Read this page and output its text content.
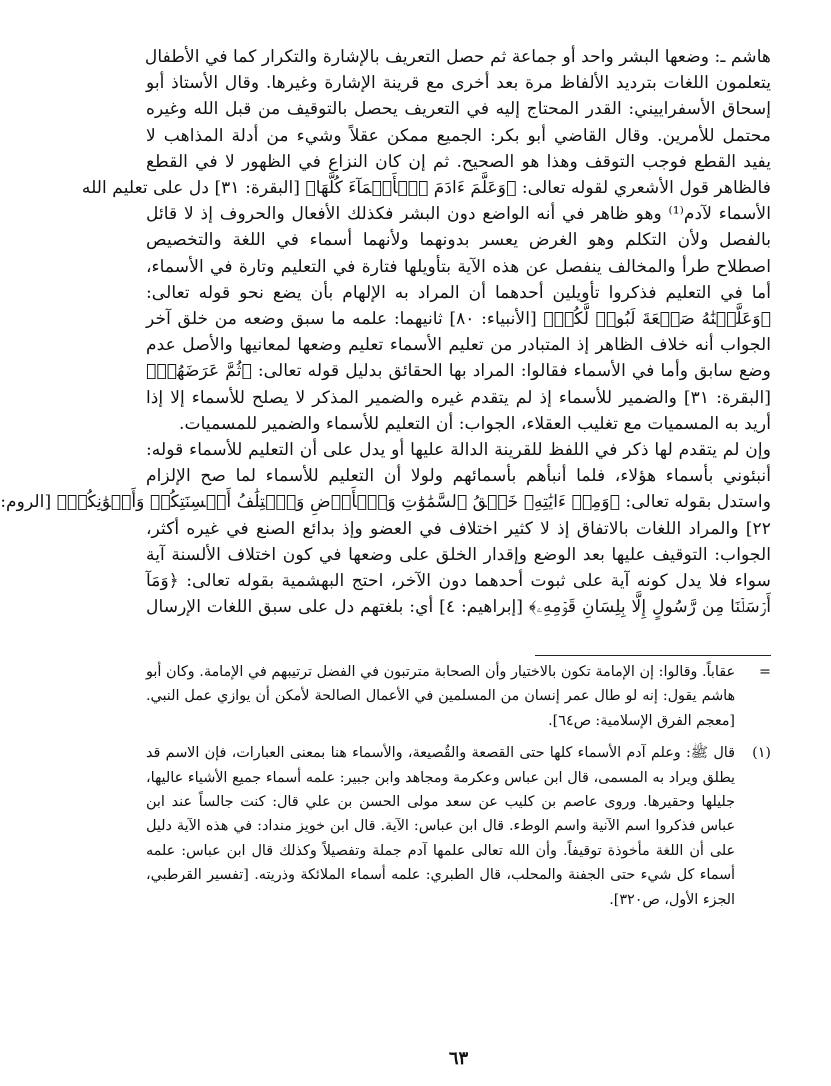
هاشم ـ: وضعها البشر واحد أو جماعة ثم حصل التعريف بالإشارة والتكرار كما في الأطفال

يتعلمون اللغات بترديد الألفاظ مرة بعد أخرى مع قرينة الإشارة وغيرها. وقال الأستاذ أبو

إسحاق الأسفراييني: القدر المحتاج إليه في التعريف يحصل بالتوقيف من قبل الله وغيره

محتمل للأمرين. وقال القاضي أبو بكر: الجميع ممكن عقلاً وشيء من أدلة المذاهب لا

يفيد القطع فوجب التوقف وهذا هو الصحيح. ثم إن كان النزاع في الظهور لا في القطع

فالظاهر قول الأشعري لقوله تعالى: ﴿وَعَلَّمَ ءَادَمَ ٱلۡأَسۡمَآءَ كُلَّهَا﴾ [البقرة: ٣١] دل على تعليم الله

الأسماء لآدم⁽¹⁾ وهو ظاهر في أنه الواضع دون البشر فكذلك الأفعال والحروف إذ لا قائل

بالفصل ولأن التكلم وهو الغرض يعسر بدونهما ولأنهما أسماء في اللغة والتخصيص

اصطلاح طرأ والمخالف ينفصل عن هذه الآية بتأويلها فتارة في التعليم وتارة في الأسماء،

أما في التعليم فذكروا تأويلين أحدهما أن المراد به الإلهام بأن يضع نحو قوله تعالى:

﴿وَعَلَّمۡنَٰهُ صَنۡعَةَ لَبُوسٖ لَّكُمۡ﴾ [الأنبياء: ٨٠] ثانيهما: علمه ما سبق وضعه من خلق آخر

الجواب أنه خلاف الظاهر إذ المتبادر من تعليم الأسماء تعليم وضعها لمعانيها والأصل عدم

وضع سابق وأما في الأسماء فقالوا: المراد بها الحقائق بدليل قوله تعالى: ﴿ثُمَّ عَرَضَهُمۡ﴾

[البقرة: ٣١] والضمير للأسماء إذ لم يتقدم غيره والضمير المذكر لا يصلح للأسماء إلا إذا

أريد به المسميات مع تغليب العقلاء، الجواب: أن التعليم للأسماء والضمير للمسميات.

وإن لم يتقدم لها ذكر في اللفظ للقرينة الدالة عليها أو يدل على أن التعليم للأسماء قوله:

أنبئوني بأسماء هؤلاء، فلما أنبأهم بأسمائهم ولولا أن التعليم للأسماء لما صح الإلزام

واستدل بقوله تعالى: ﴿وَمِنۡ ءَايَٰتِهِۦ خَلۡقُ ٱلسَّمَٰوَٰتِ وَٱلۡأَرۡضِ وَٱخۡتِلَٰفُ أَلۡسِنَتِكُمۡ وَأَلۡوَٰنِكُمۡ﴾ [الروم:

٢٢] والمراد اللغات بالاتفاق إذ لا كثير اختلاف في العضو وإذ بدائع الصنع في غيره أكثر،

الجواب: التوقيف عليها بعد الوضع وإقدار الخلق على وضعها في كون اختلاف الألسنة آية

سواء فلا يدل كونه آية على ثبوت أحدهما دون الآخر، احتج البهشمية بقوله تعالى: ﴿وَمَآ

أَرۡسَلۡنَا مِن رَّسُولٍ إِلَّا بِلِسَانِ قَوۡمِهِۦ﴾ [إبراهيم: ٤] أي: بلغتهم دل على سبق اللغات الإرسال

=
عقاباً. وقالوا: إن الإمامة تكون بالاختيار وأن الصحابة مترتبون في الفضل ترتيبهم في الإمامة. وكان أبو
هاشم يقول: إنه لو طال عمر إنسان من المسلمين في الأعمال الصالحة لأمكن أن يوازي عمل النبي.
[معجم الفرق الإسلامية: ص٦٤].
(١)
قال ﷺ: وعلم آدم الأسماء كلها حتى القصعة والقُصيعة، والأسماء هنا بمعنى العبارات، فإن الاسم قد
يطلق ويراد به المسمى، قال ابن عباس وعكرمة ومجاهد وابن جبير: علمه أسماء جميع الأشياء عاليها،
جليلها وحقيرها. وروى عاصم بن كليب عن سعد مولى الحسن بن علي قال: كنت جالساً عند ابن
عباس فذكروا اسم الآنية واسم الوطء. قال ابن عباس: الآية. قال ابن خويز منداد: في هذه الآية دليل
على أن اللغة مأخوذة توقيفاً. وأن الله تعالى علمها آدم جملة وتفصيلاً وكذلك قال ابن عباس: علمه
أسماء كل شيء حتى الجفنة والمحلب، قال الطبري: علمه أسماء الملائكة وذريته. [تفسير القرطبي،
الجزء الأول، ص٣٢٠].
٦٣
